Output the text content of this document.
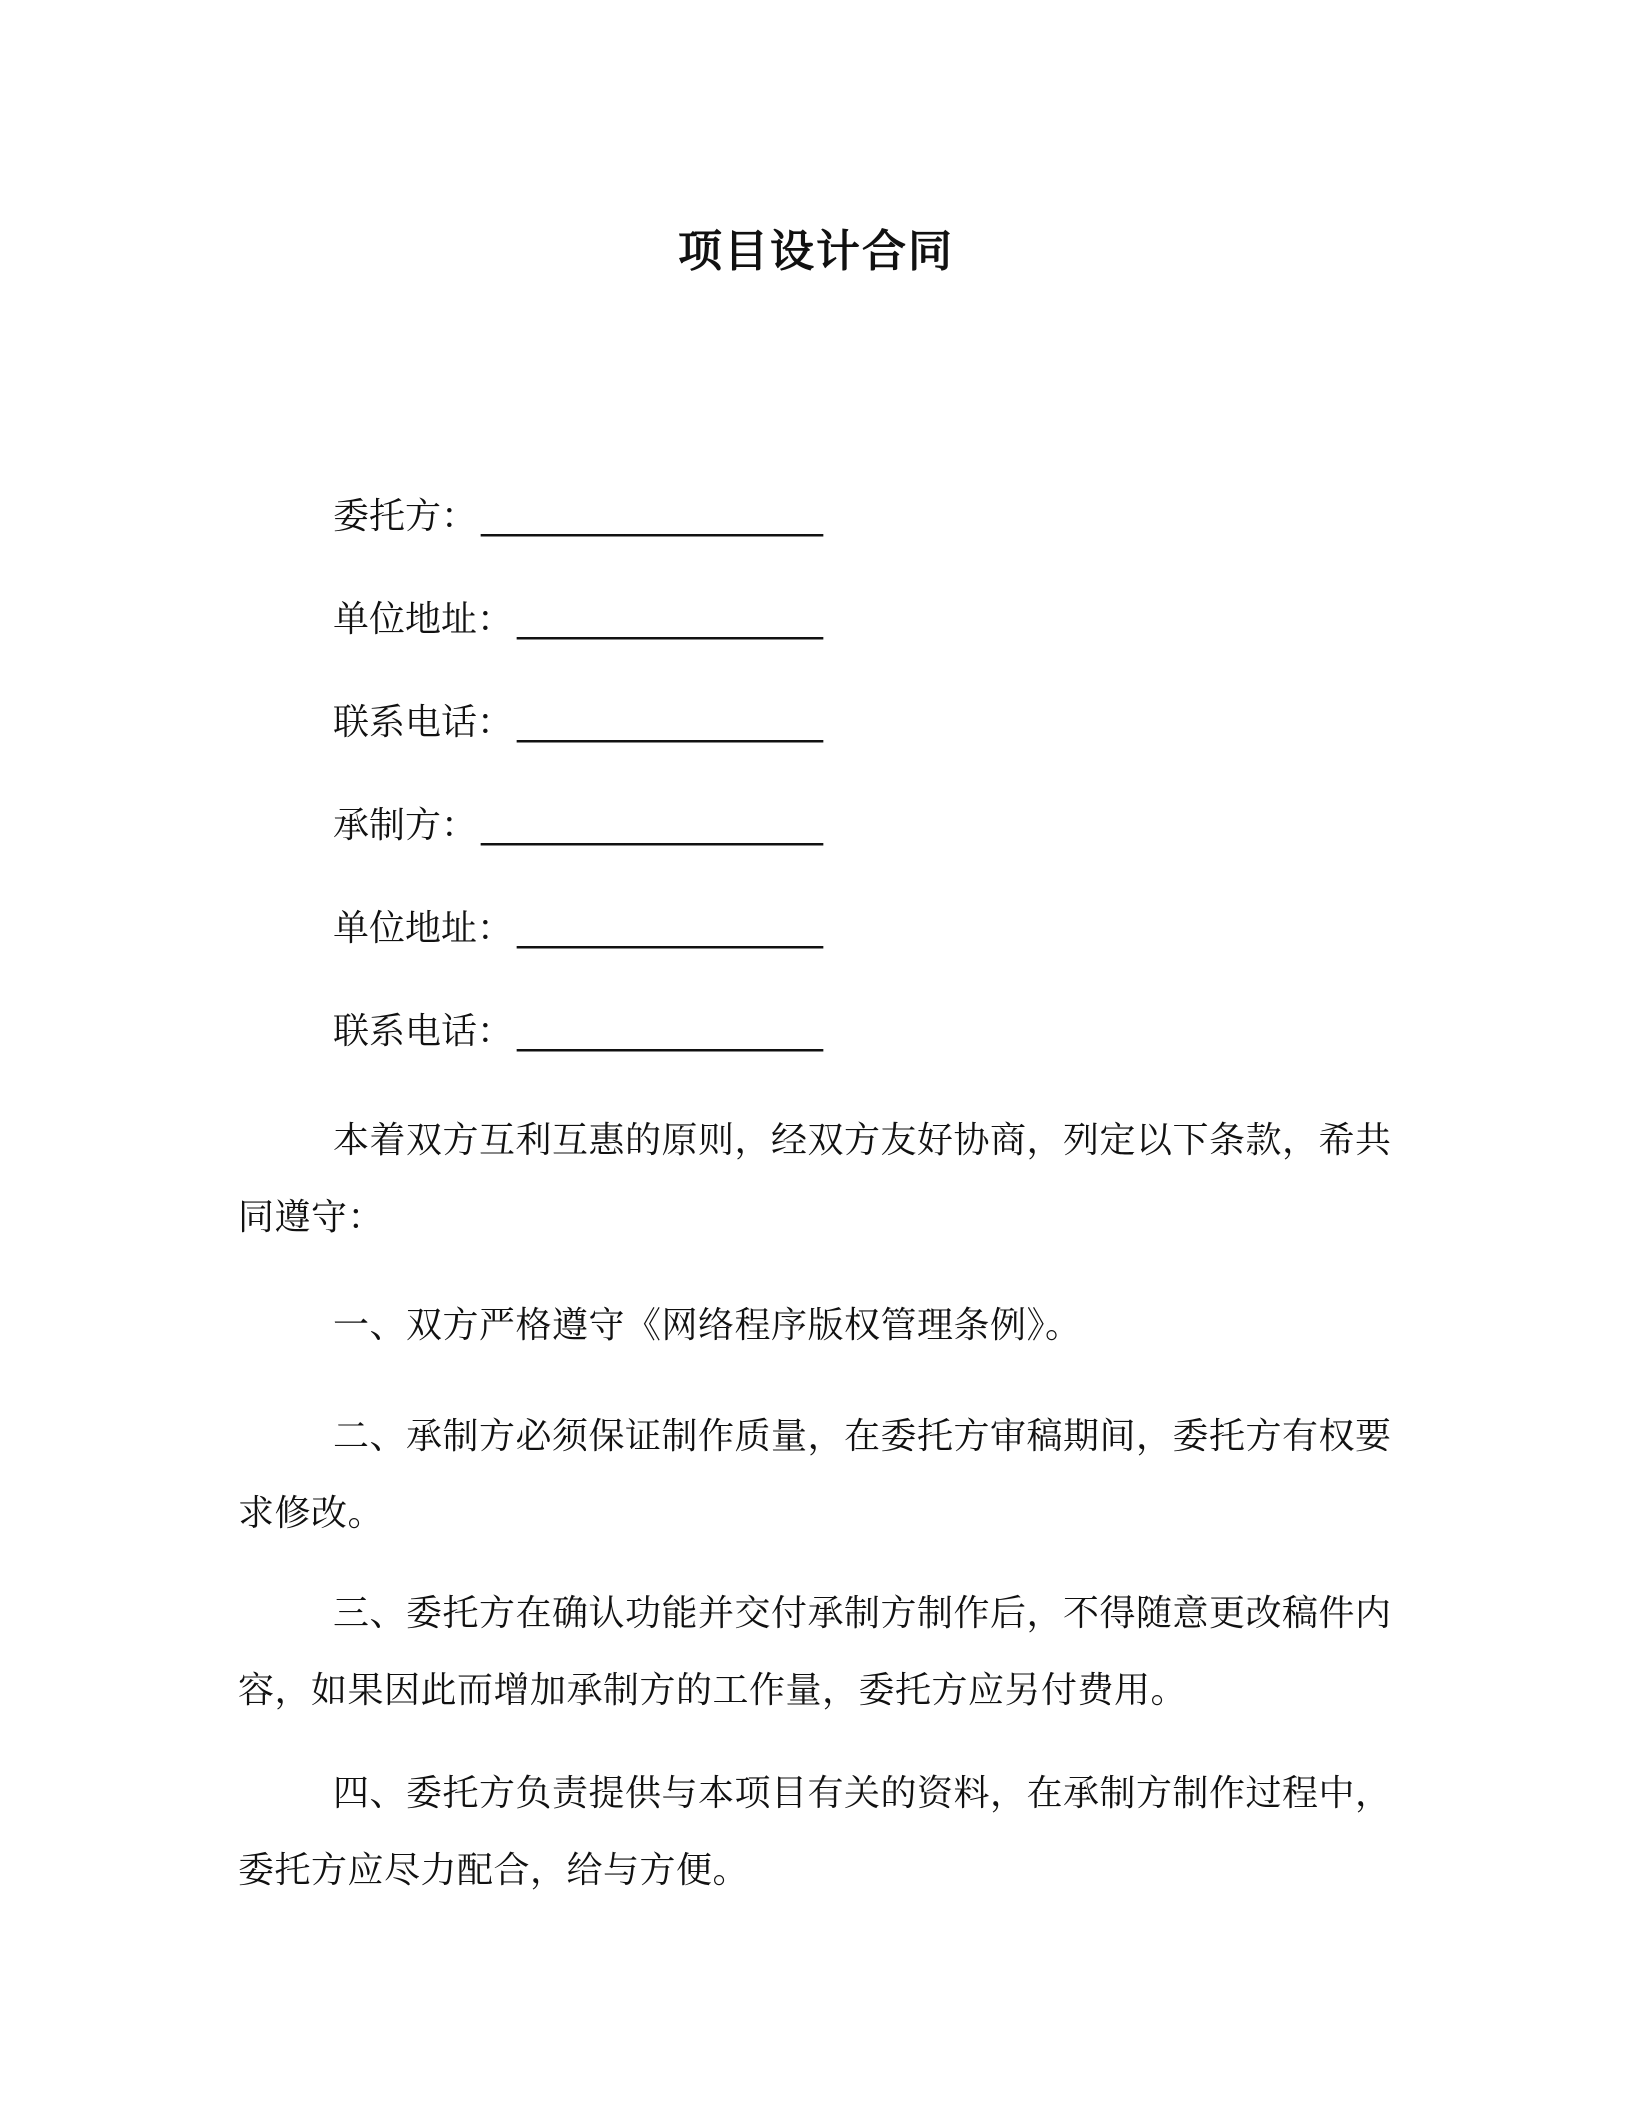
项目设计合同
委托方： ___________________
单位地址： _________________
联系电话： _________________
承制方： ___________________
单位地址： _________________
联系电话： _________________
本着双方互利互惠的原则，经双方友好协商，列定以下条款，希共同遵守：
一、双方严格遵守《网络程序版权管理条例》。
二、承制方必须保证制作质量，在委托方审稿期间，委托方有权要求修改。
三、委托方在确认功能并交付承制方制作后，不得随意更改稿件内容，如果因此而增加承制方的工作量，委托方应另付费用。
四、委托方负责提供与本项目有关的资料，在承制方制作过程中，委托方应尽力配合，给与方便。
